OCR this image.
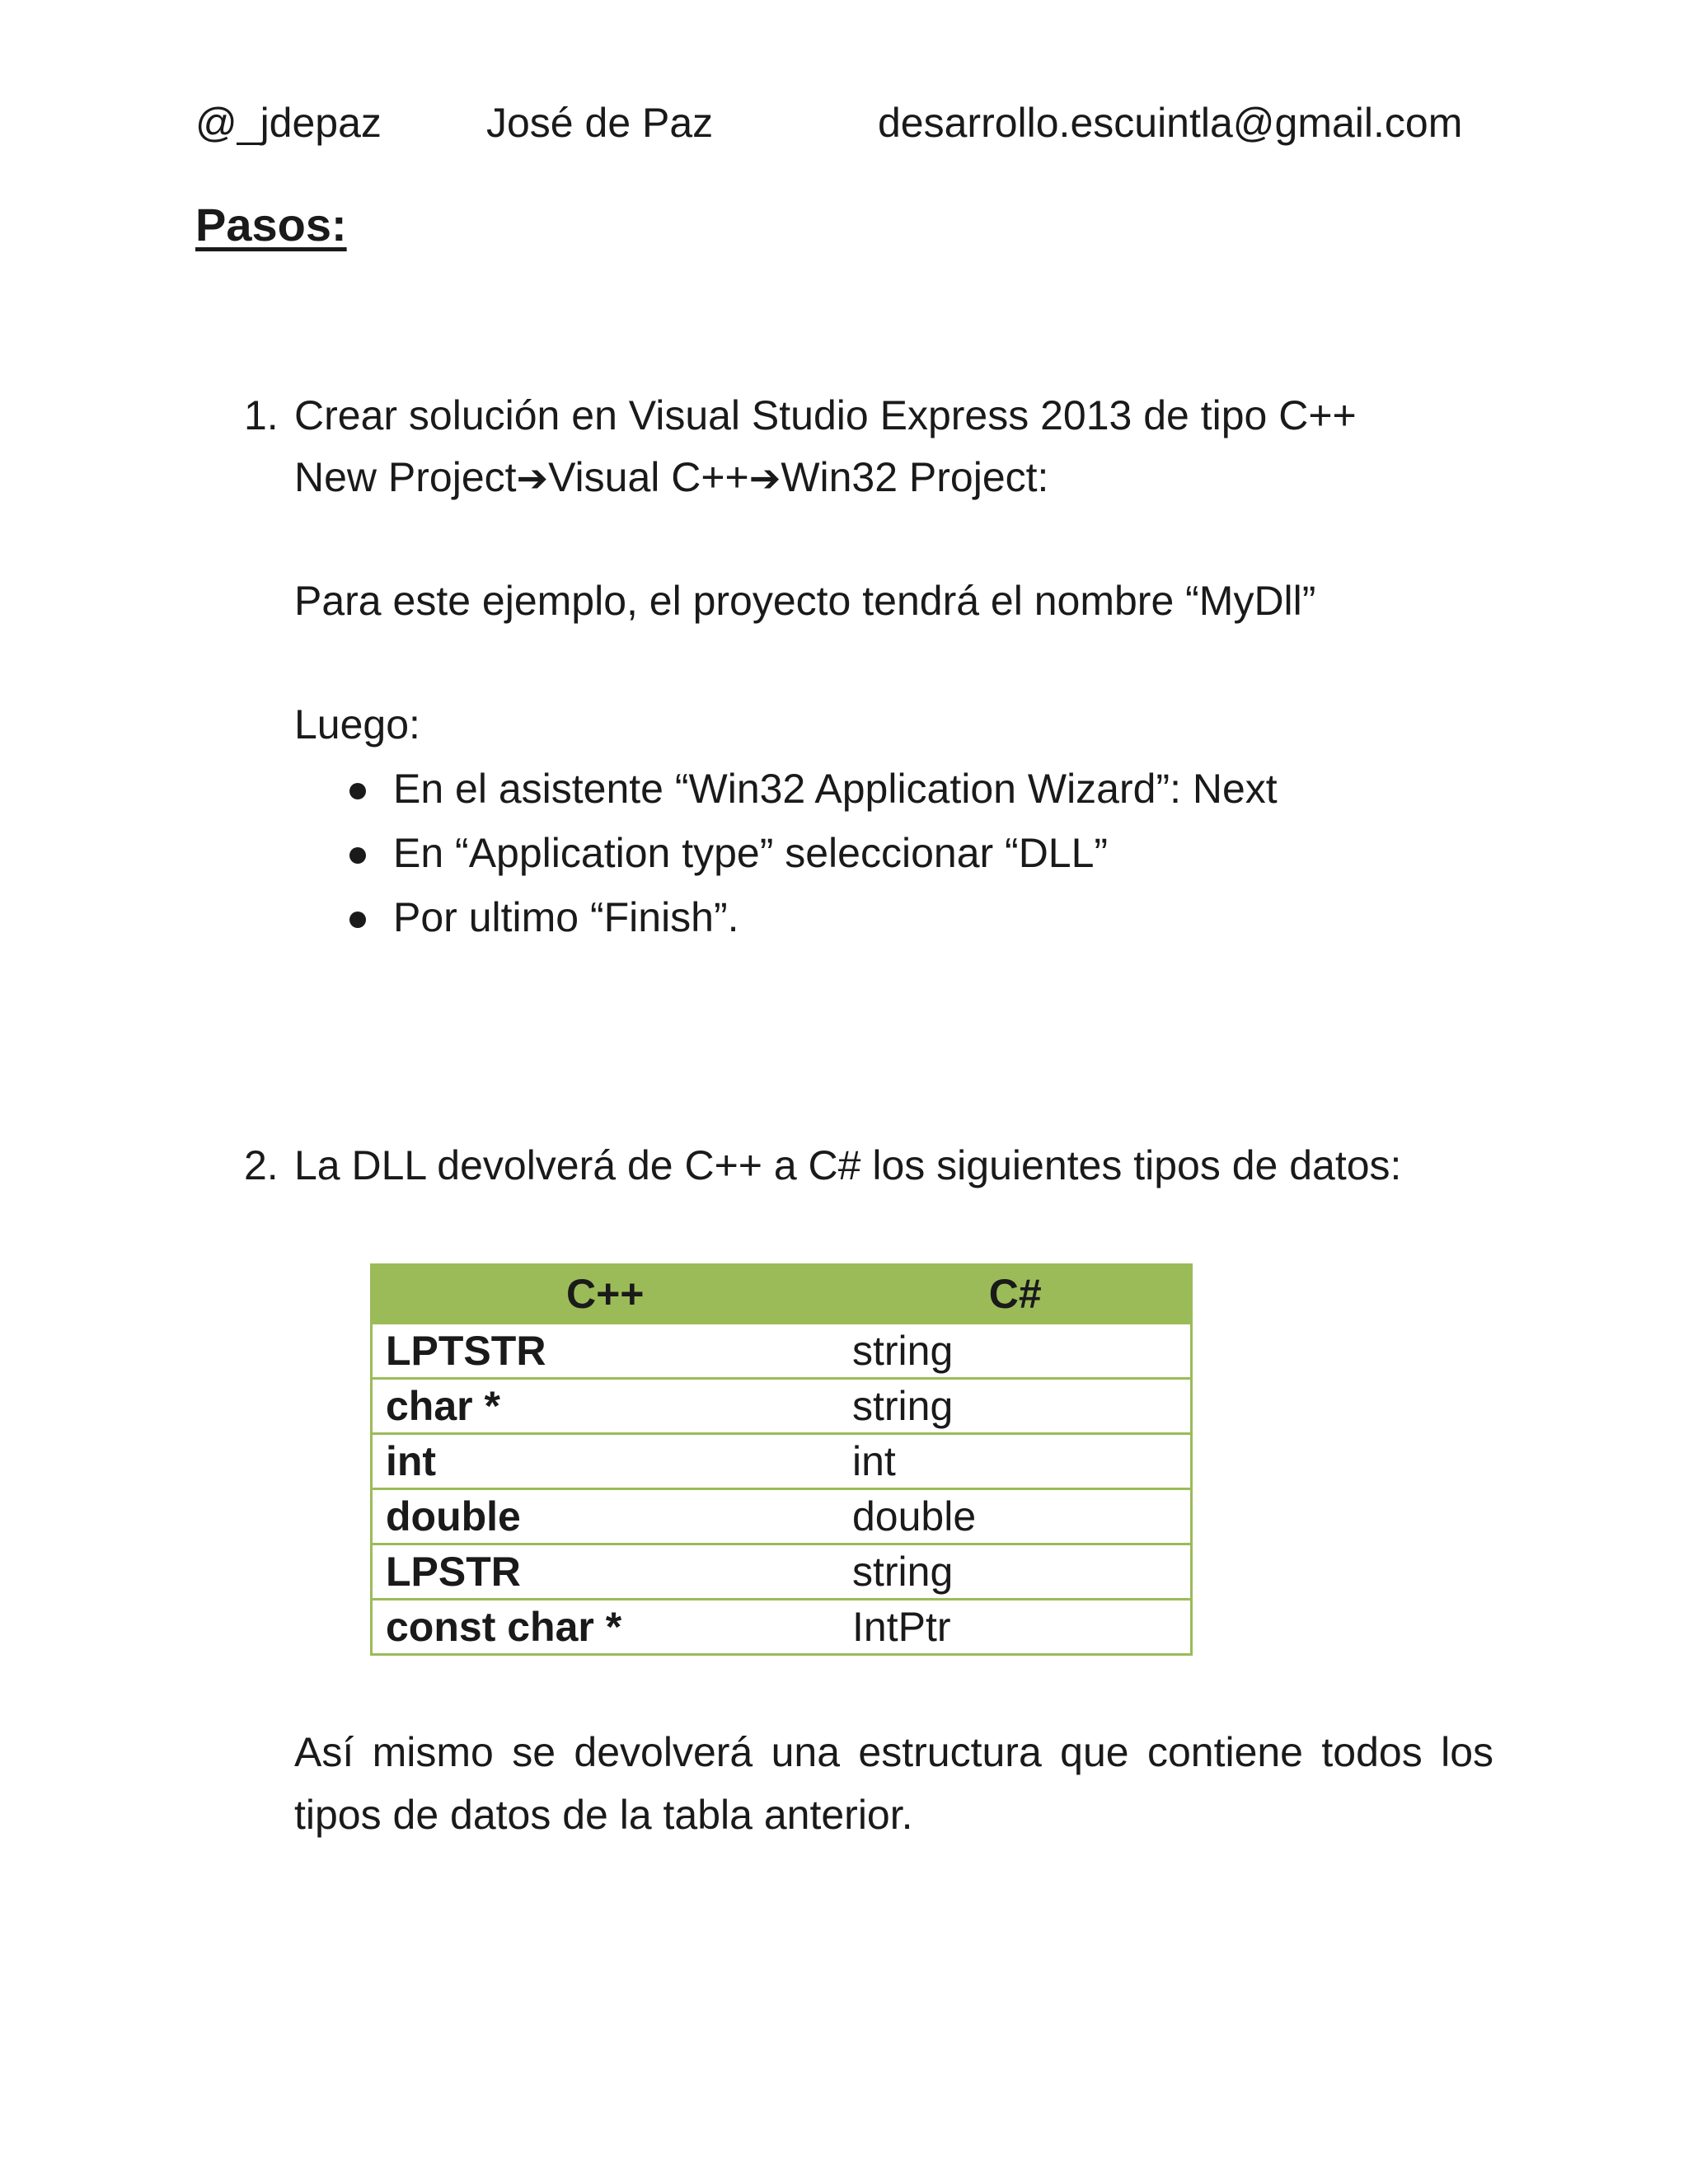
@_jdepaz	José de Paz	desarrollo.escuintla@gmail.com
Pasos:
1. Crear solución en Visual Studio Express 2013 de tipo C++
New Project➔Visual C++➔Win32 Project:
Para este ejemplo, el proyecto tendrá el nombre “MyDll”
Luego:
En el asistente “Win32 Application Wizard”: Next
En “Application type” seleccionar “DLL”
Por ultimo “Finish”.
2. La DLL devolverá de C++ a C# los siguientes tipos de datos:
C++	C#
LPTSTR	string
char *	string
int	int
double	double
LPSTR	string
const char *	IntPtr
Así mismo se devolverá una estructura que contiene todos los tipos de datos de la tabla anterior.
